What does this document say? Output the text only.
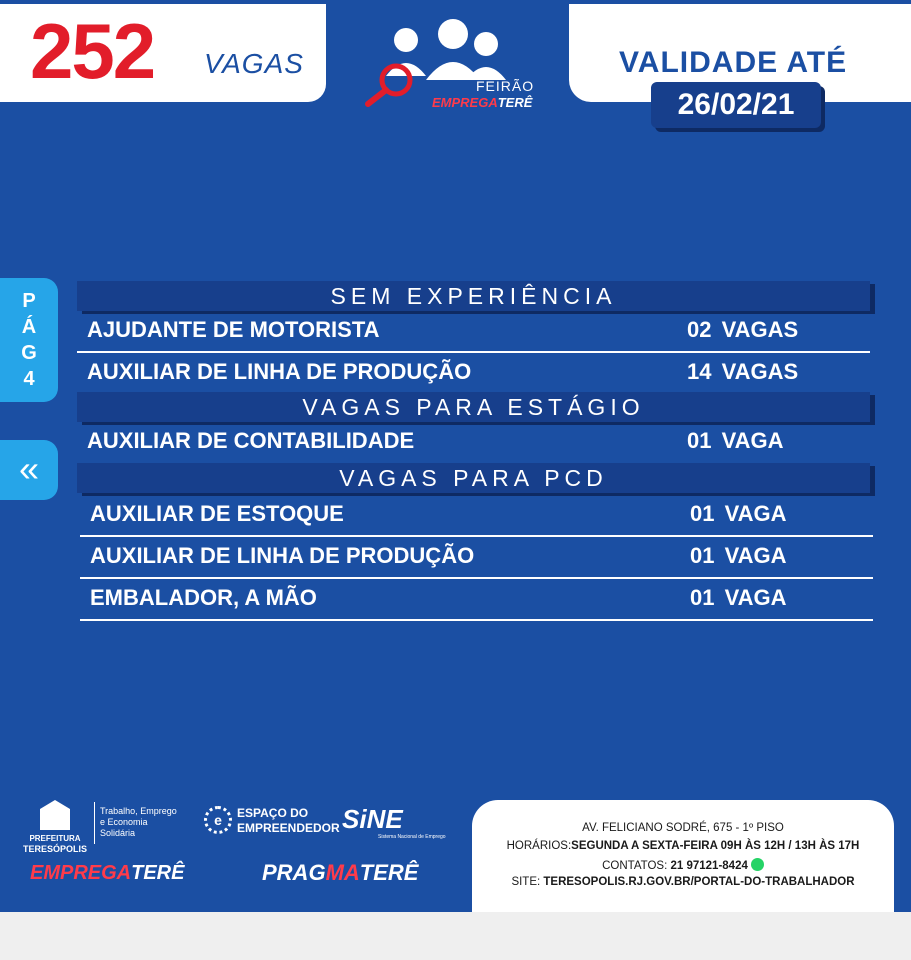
252 VAGAS
FEIRÃO
EMPREGATERÊ
VALIDADE ATÉ
26/02/21
P
Á
G
4
«
SEM EXPERIÊNCIA
AJUDANTE DE MOTORISTA	02 VAGAS
AUXILIAR DE LINHA DE PRODUÇÃO	14 VAGAS
VAGAS PARA ESTÁGIO
AUXILIAR DE CONTABILIDADE	01 VAGA
VAGAS PARA PCD
AUXILIAR DE ESTOQUE	01 VAGA
AUXILIAR DE LINHA DE PRODUÇÃO	01 VAGA
EMBALADOR, A MÃO	01 VAGA
PREFEITURA
TERESÓPOLIS
Trabalho, Emprego
e Economia
Solidária
e	ESPAÇO DO
EMPREENDEDOR SiNE
Sistema Nacional de Emprego
EMPREGATERÊ	PRAGMATERÊ
AV. FELICIANO SODRÉ, 675 - 1º PISO
HORÁRIOS:SEGUNDA A SEXTA-FEIRA 09H ÀS 12H / 13H ÀS 17H
CONTATOS: 21 97121-8424
SITE: TERESOPOLIS.RJ.GOV.BR/PORTAL-DO-TRABALHADOR
